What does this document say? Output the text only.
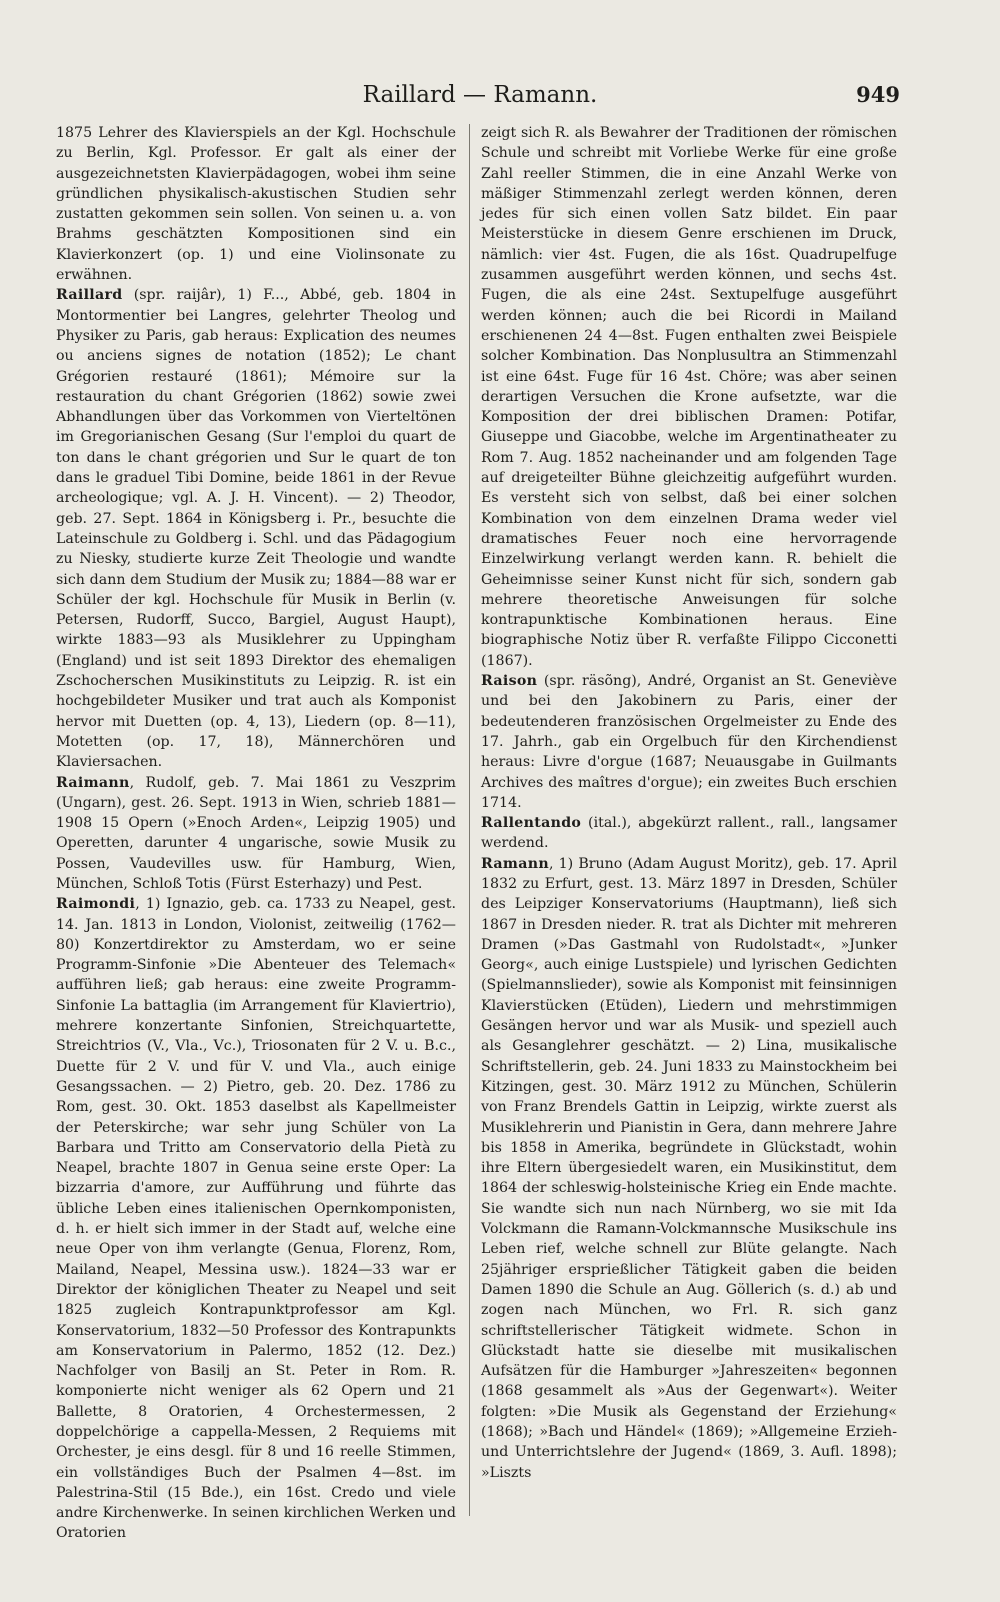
Raillard — Ramann.	949

1875 Lehrer des Klavierspiels an der Kgl. Hochschule zu Berlin, Kgl. Professor. Er galt als einer der ausgezeichnetsten Klavierpädagogen, wobei ihm seine gründlichen physikalisch-akustischen Studien sehr zustatten gekommen sein sollen. Von seinen u. a. von Brahms geschätzten Kompositionen sind ein Klavierkonzert (op. 1) und eine Violinsonate zu erwähnen.

Raillard (spr. raijâr), 1) F..., Abbé, geb. 1804 in Montormentier bei Langres, gelehrter Theolog und Physiker zu Paris, gab heraus: Explication des neumes ou anciens signes de notation (1852); Le chant Grégorien restauré (1861); Mémoire sur la restauration du chant Grégorien (1862) sowie zwei Abhandlungen über das Vorkommen von Vierteltönen im Gregorianischen Gesang (Sur l'emploi du quart de ton dans le chant grégorien und Sur le quart de ton dans le graduel Tibi Domine, beide 1861 in der Revue archeologique; vgl. A. J. H. Vincent). — 2) Theodor, geb. 27. Sept. 1864 in Königsberg i. Pr., besuchte die Lateinschule zu Goldberg i. Schl. und das Pädagogium zu Niesky, studierte kurze Zeit Theologie und wandte sich dann dem Studium der Musik zu; 1884—88 war er Schüler der kgl. Hochschule für Musik in Berlin (v. Petersen, Rudorff, Succo, Bargiel, August Haupt), wirkte 1883—93 als Musiklehrer zu Uppingham (England) und ist seit 1893 Direktor des ehemaligen Zschocherschen Musikinstituts zu Leipzig. R. ist ein hochgebildeter Musiker und trat auch als Komponist hervor mit Duetten (op. 4, 13), Liedern (op. 8—11), Motetten (op. 17, 18), Männerchören und Klaviersachen.

Raimann, Rudolf, geb. 7. Mai 1861 zu Veszprim (Ungarn), gest. 26. Sept. 1913 in Wien, schrieb 1881—1908 15 Opern (»Enoch Arden«, Leipzig 1905) und Operetten, darunter 4 ungarische, sowie Musik zu Possen, Vaudevilles usw. für Hamburg, Wien, München, Schloß Totis (Fürst Esterhazy) und Pest.

Raimondi, 1) Ignazio, geb. ca. 1733 zu Neapel, gest. 14. Jan. 1813 in London, Violonist, zeitweilig (1762—80) Konzertdirektor zu Amsterdam, wo er seine Programm-Sinfonie »Die Abenteuer des Telemach« aufführen ließ; gab heraus: eine zweite Programm-Sinfonie La battaglia (im Arrangement für Klaviertrio), mehrere konzertante Sinfonien, Streichquartette, Streichtrios (V., Vla., Vc.), Triosonaten für 2 V. u. B.c., Duette für 2 V. und für V. und Vla., auch einige Gesangssachen. — 2) Pietro, geb. 20. Dez. 1786 zu Rom, gest. 30. Okt. 1853 daselbst als Kapellmeister der Peterskirche; war sehr jung Schüler von La Barbara und Tritto am Conservatorio della Pietà zu Neapel, brachte 1807 in Genua seine erste Oper: La bizzarria d'amore, zur Aufführung und führte das übliche Leben eines italienischen Opernkomponisten, d. h. er hielt sich immer in der Stadt auf, welche eine neue Oper von ihm verlangte (Genua, Florenz, Rom, Mailand, Neapel, Messina usw.). 1824—33 war er Direktor der königlichen Theater zu Neapel und seit 1825 zugleich Kontrapunktprofessor am Kgl. Konservatorium, 1832—50 Professor des Kontrapunkts am Konservatorium in Palermo, 1852 (12. Dez.) Nachfolger von Basilj an St. Peter in Rom. R. komponierte nicht weniger als 62 Opern und 21 Ballette, 8 Oratorien, 4 Orchestermessen, 2 doppelchörige a cappella-Messen, 2 Requiems mit Orchester, je eins desgl. für 8 und 16 reelle Stimmen, ein vollständiges Buch der Psalmen 4—8st. im Palestrina-Stil (15 Bde.), ein 16st. Credo und viele andre Kirchenwerke. In seinen kirchlichen Werken und Oratorien

zeigt sich R. als Bewahrer der Traditionen der römischen Schule und schreibt mit Vorliebe Werke für eine große Zahl reeller Stimmen, die in eine Anzahl Werke von mäßiger Stimmenzahl zerlegt werden können, deren jedes für sich einen vollen Satz bildet. Ein paar Meisterstücke in diesem Genre erschienen im Druck, nämlich: vier 4st. Fugen, die als 16st. Quadrupelfuge zusammen ausgeführt werden können, und sechs 4st. Fugen, die als eine 24st. Sextupelfuge ausgeführt werden können; auch die bei Ricordi in Mailand erschienenen 24 4—8st. Fugen enthalten zwei Beispiele solcher Kombination. Das Nonplusultra an Stimmenzahl ist eine 64st. Fuge für 16 4st. Chöre; was aber seinen derartigen Versuchen die Krone aufsetzte, war die Komposition der drei biblischen Dramen: Potifar, Giuseppe und Giacobbe, welche im Argentinatheater zu Rom 7. Aug. 1852 nacheinander und am folgenden Tage auf dreigeteilter Bühne gleichzeitig aufgeführt wurden. Es versteht sich von selbst, daß bei einer solchen Kombination von dem einzelnen Drama weder viel dramatisches Feuer noch eine hervorragende Einzelwirkung verlangt werden kann. R. behielt die Geheimnisse seiner Kunst nicht für sich, sondern gab mehrere theoretische Anweisungen für solche kontrapunktische Kombinationen heraus. Eine biographische Notiz über R. verfaßte Filippo Cicconetti (1867).

Raison (spr. räsõng), André, Organist an St. Geneviève und bei den Jakobinern zu Paris, einer der bedeutenderen französischen Orgelmeister zu Ende des 17. Jahrh., gab ein Orgelbuch für den Kirchendienst heraus: Livre d'orgue (1687; Neuausgabe in Guilmants Archives des maîtres d'orgue); ein zweites Buch erschien 1714.

Rallentando (ital.), abgekürzt rallent., rall., langsamer werdend.

Ramann, 1) Bruno (Adam August Moritz), geb. 17. April 1832 zu Erfurt, gest. 13. März 1897 in Dresden, Schüler des Leipziger Konservatoriums (Hauptmann), ließ sich 1867 in Dresden nieder. R. trat als Dichter mit mehreren Dramen (»Das Gastmahl von Rudolstadt«, »Junker Georg«, auch einige Lustspiele) und lyrischen Gedichten (Spielmannslieder), sowie als Komponist mit feinsinnigen Klavierstücken (Etüden), Liedern und mehrstimmigen Gesängen hervor und war als Musik- und speziell auch als Gesanglehrer geschätzt. — 2) Lina, musikalische Schriftstellerin, geb. 24. Juni 1833 zu Mainstockheim bei Kitzingen, gest. 30. März 1912 zu München, Schülerin von Franz Brendels Gattin in Leipzig, wirkte zuerst als Musiklehrerin und Pianistin in Gera, dann mehrere Jahre bis 1858 in Amerika, begründete in Glückstadt, wohin ihre Eltern übergesiedelt waren, ein Musikinstitut, dem 1864 der schleswig-holsteinische Krieg ein Ende machte. Sie wandte sich nun nach Nürnberg, wo sie mit Ida Volckmann die Ramann-Volckmannsche Musikschule ins Leben rief, welche schnell zur Blüte gelangte. Nach 25jähriger ersprießlicher Tätigkeit gaben die beiden Damen 1890 die Schule an Aug. Göllerich (s. d.) ab und zogen nach München, wo Frl. R. sich ganz schriftstellerischer Tätigkeit widmete. Schon in Glückstadt hatte sie dieselbe mit musikalischen Aufsätzen für die Hamburger »Jahreszeiten« begonnen (1868 gesammelt als »Aus der Gegenwart«). Weiter folgten: »Die Musik als Gegenstand der Erziehung« (1868); »Bach und Händel« (1869); »Allgemeine Erzieh- und Unterrichtslehre der Jugend« (1869, 3. Aufl. 1898); »Liszts
